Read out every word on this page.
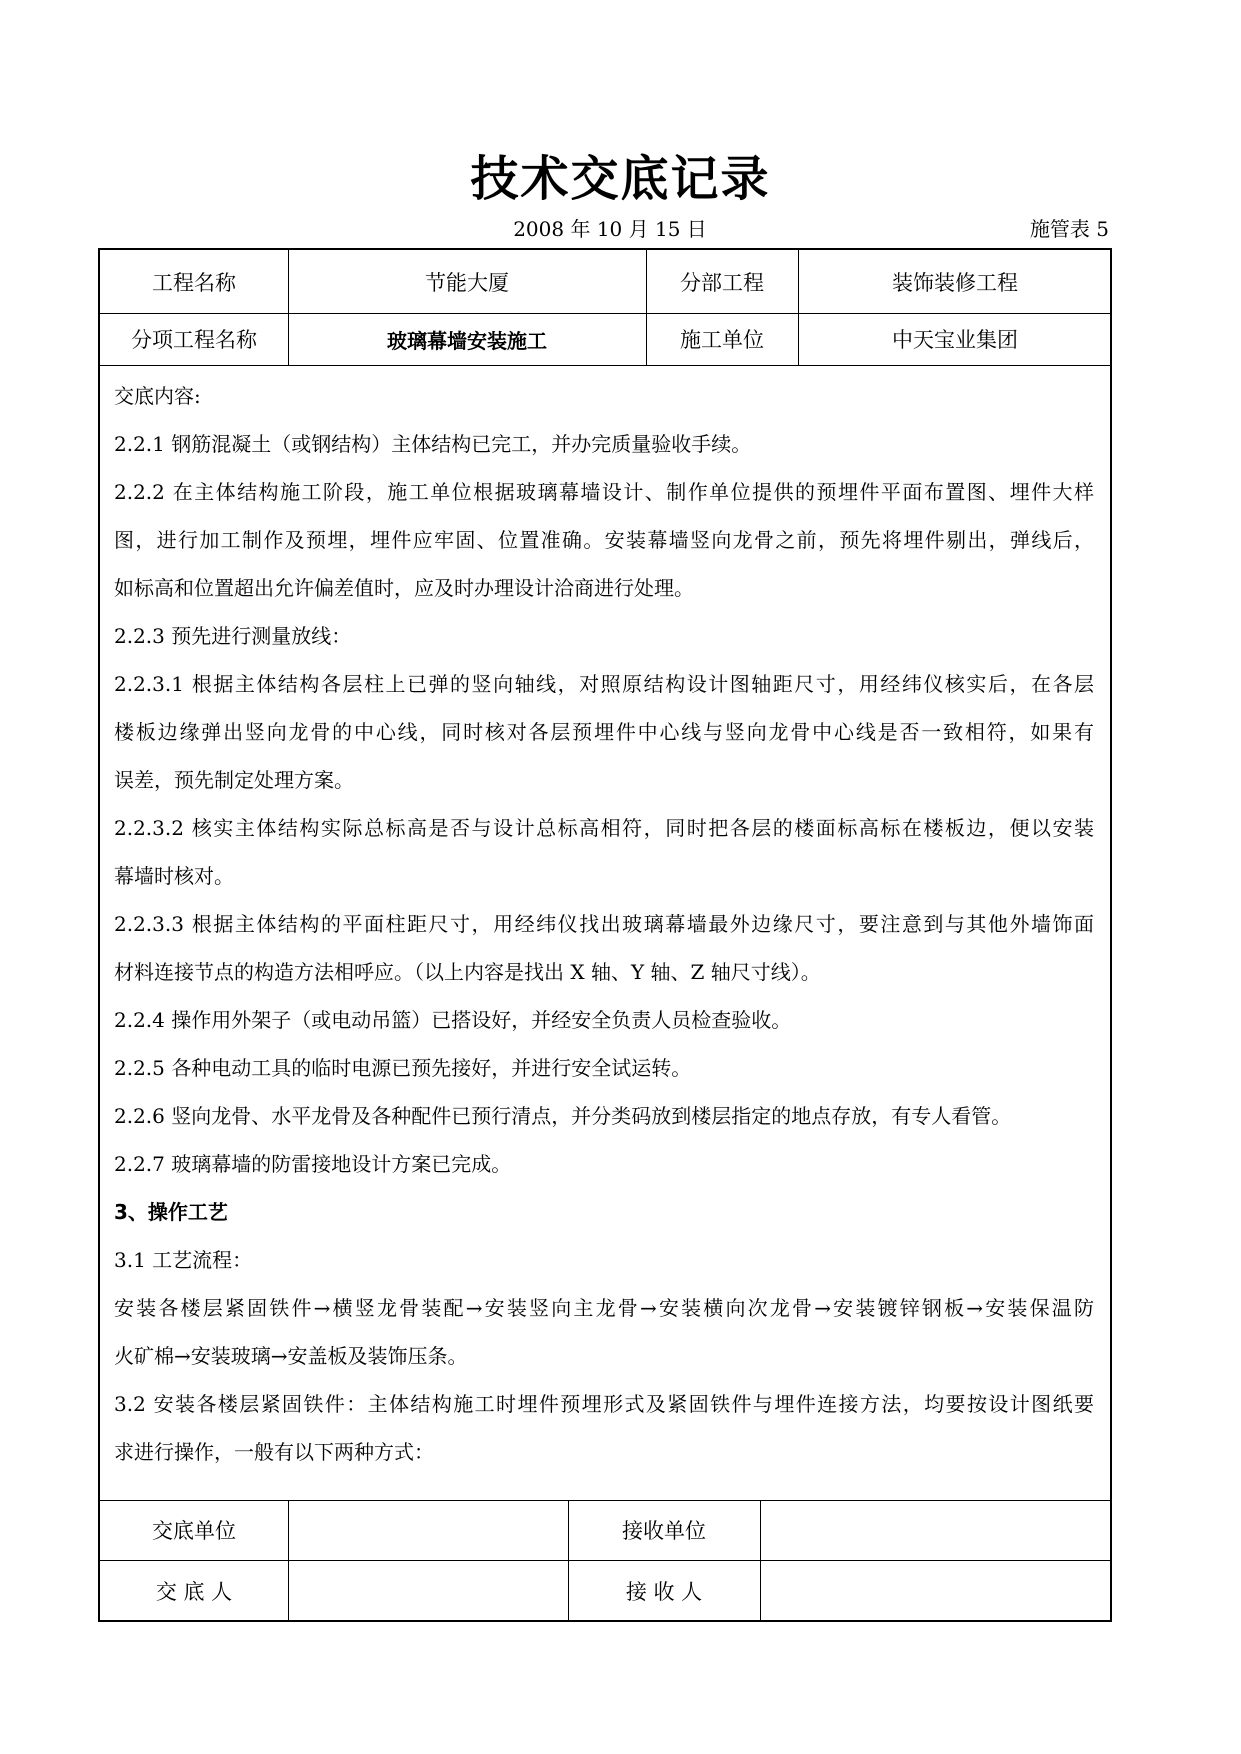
技术交底记录
2008 年 10 月 15 日	施管表 5
工程名称	节能大厦	分部工程	装饰装修工程
分项工程名称	玻璃幕墙安装施工	施工单位	中天宝业集团
交底内容:
2.2.1 钢筋混凝土（或钢结构）主体结构已完工，并办完质量验收手续。
2.2.2 在主体结构施工阶段，施工单位根据玻璃幕墙设计、制作单位提供的预埋件平面布置图、埋件大样
图，进行加工制作及预埋，埋件应牢固、位置准确。安装幕墙竖向龙骨之前，预先将埋件剔出，弹线后，
如标高和位置超出允许偏差值时，应及时办理设计洽商进行处理。
2.2.3 预先进行测量放线：
2.2.3.1 根据主体结构各层柱上已弹的竖向轴线，对照原结构设计图轴距尺寸，用经纬仪核实后，在各层
楼板边缘弹出竖向龙骨的中心线，同时核对各层预埋件中心线与竖向龙骨中心线是否一致相符，如果有
误差，预先制定处理方案。
2.2.3.2 核实主体结构实际总标高是否与设计总标高相符，同时把各层的楼面标高标在楼板边，便以安装
幕墙时核对。
2.2.3.3 根据主体结构的平面柱距尺寸，用经纬仪找出玻璃幕墙最外边缘尺寸，要注意到与其他外墙饰面
材料连接节点的构造方法相呼应。（以上内容是找出 X 轴、Y 轴、Z 轴尺寸线）。
2.2.4 操作用外架子（或电动吊篮）已搭设好，并经安全负责人员检查验收。
2.2.5 各种电动工具的临时电源已预先接好，并进行安全试运转。
2.2.6 竖向龙骨、水平龙骨及各种配件已预行清点，并分类码放到楼层指定的地点存放，有专人看管。
2.2.7 玻璃幕墙的防雷接地设计方案已完成。
3、操作工艺
3.1 工艺流程：
安装各楼层紧固铁件→横竖龙骨装配→安装竖向主龙骨→安装横向次龙骨→安装镀锌钢板→安装保温防
火矿棉→安装玻璃→安盖板及装饰压条。
3.2 安装各楼层紧固铁件：主体结构施工时埋件预埋形式及紧固铁件与埋件连接方法，均要按设计图纸要
求进行操作，一般有以下两种方式：
交底单位	接收单位
交 底 人	接 收 人
